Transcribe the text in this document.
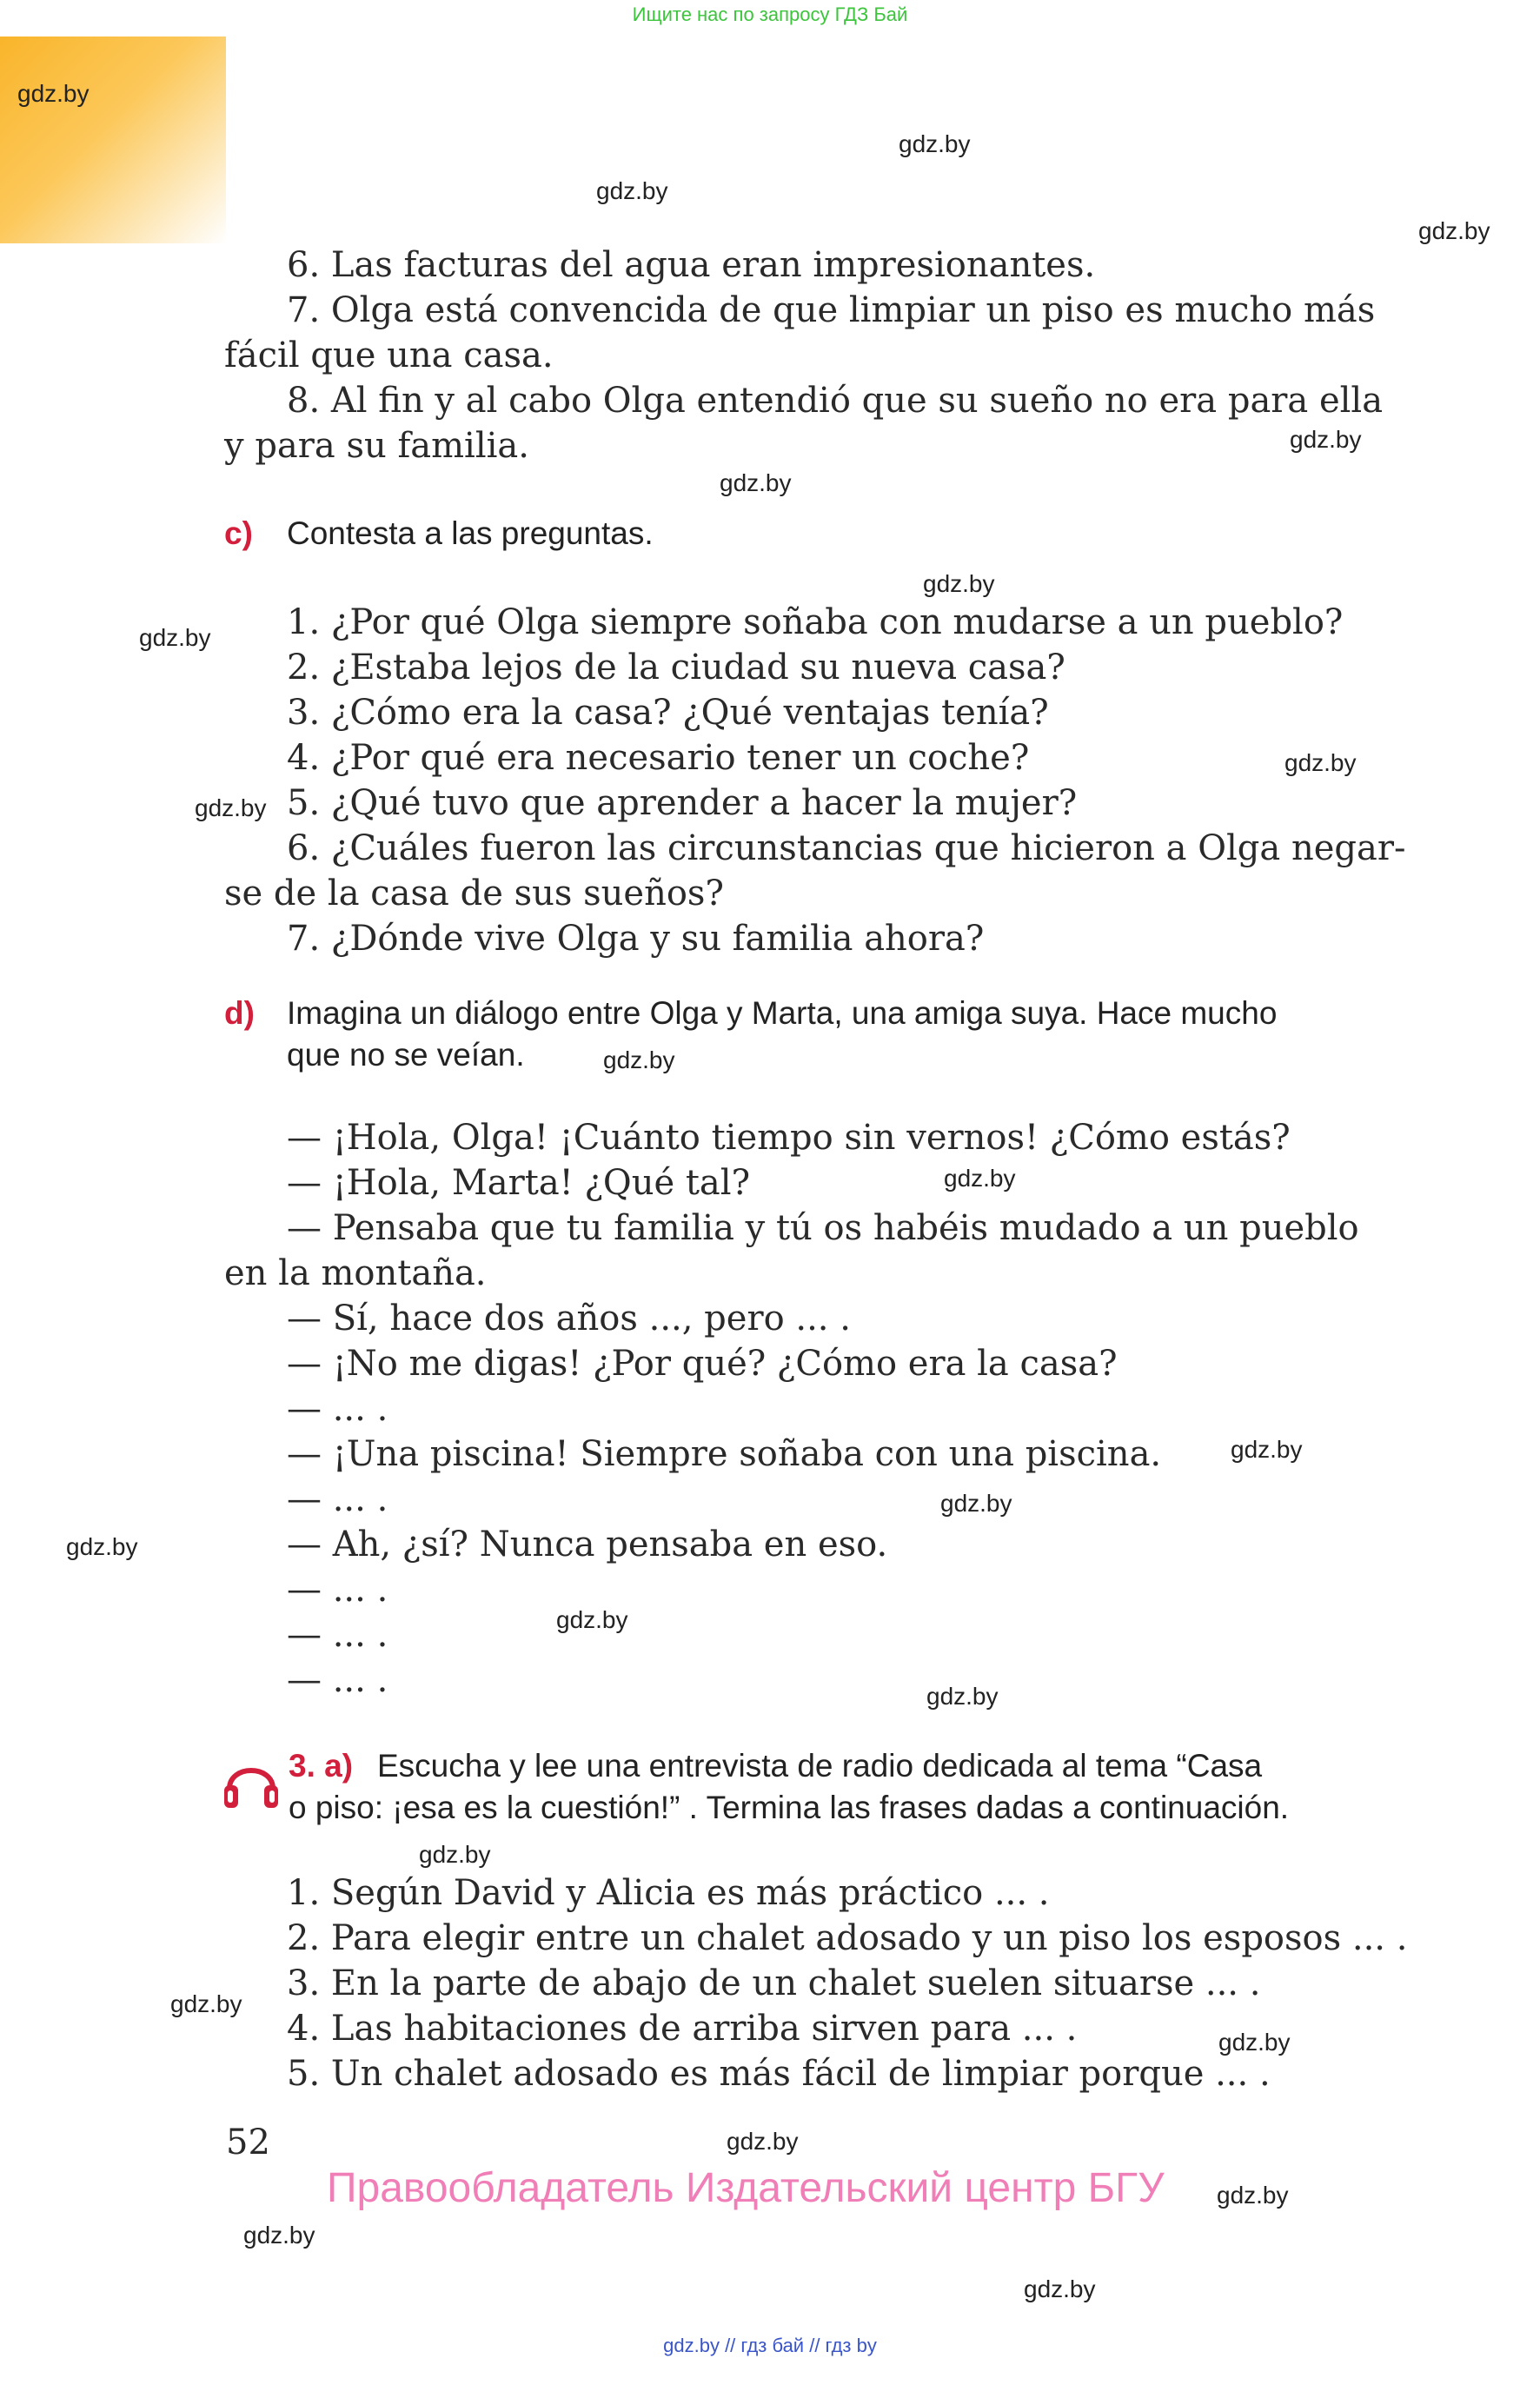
Ищите нас по запросу ГДЗ Бай
gdz.by
gdz.by
gdz.by
gdz.by
gdz.by
gdz.by
gdz.by
gdz.by
gdz.by
gdz.by
gdz.by
gdz.by
gdz.by
gdz.by
gdz.by
gdz.by
gdz.by
gdz.by
gdz.by
gdz.by
gdz.by
gdz.by
gdz.by
gdz.by
6. Las facturas del agua eran impresionantes.
7. Olga está convencida de que limpiar un piso es mucho más
fácil que una casa.
8. Al fin y al cabo Olga entendió que su sueño no era para ella
y para su familia.
c) Contesta a las preguntas.
1. ¿Por qué Olga siempre soñaba con mudarse a un pueblo?
2. ¿Estaba lejos de la ciudad su nueva casa?
3. ¿Cómo era la casa? ¿Qué ventajas tenía?
4. ¿Por qué era necesario tener un coche?
5. ¿Qué tuvo que aprender a hacer la mujer?
6. ¿Cuáles fueron las circunstancias que hicieron a Olga negar-
se de la casa de sus sueños?
7. ¿Dónde vive Olga y su familia ahora?
d) Imagina un diálogo entre Olga y Marta, una amiga suya. Hace mucho
que no se veían.
— ¡Hola, Olga! ¡Cuánto tiempo sin vernos! ¿Cómo estás?
— ¡Hola, Marta! ¿Qué tal?
— Pensaba que tu familia y tú os habéis mudado a un pueblo
en la montaña.
— Sí, hace dos años ..., pero ... .
— ¡No me digas! ¿Por qué? ¿Cómo era la casa?
— ... .
— ¡Una piscina! Siempre soñaba con una piscina.
— ... .
— Ah, ¿sí? Nunca pensaba en eso.
— ... .
— ... .
— ... .
3. a) Escucha y lee una entrevista de radio dedicada al tema “Casa
o piso: ¡esa es la cuestión!” . Termina las frases dadas a continuación.
1. Según David y Alicia es más práctico ... .
2. Para elegir entre un chalet adosado y un piso los esposos ... .
3. En la parte de abajo de un chalet suelen situarse ... .
4. Las habitaciones de arriba sirven para ... .
5. Un chalet adosado es más fácil de limpiar porque ... .
52
Правообладатель Издательский центр БГУ
gdz.by // гдз бай // гдз by
